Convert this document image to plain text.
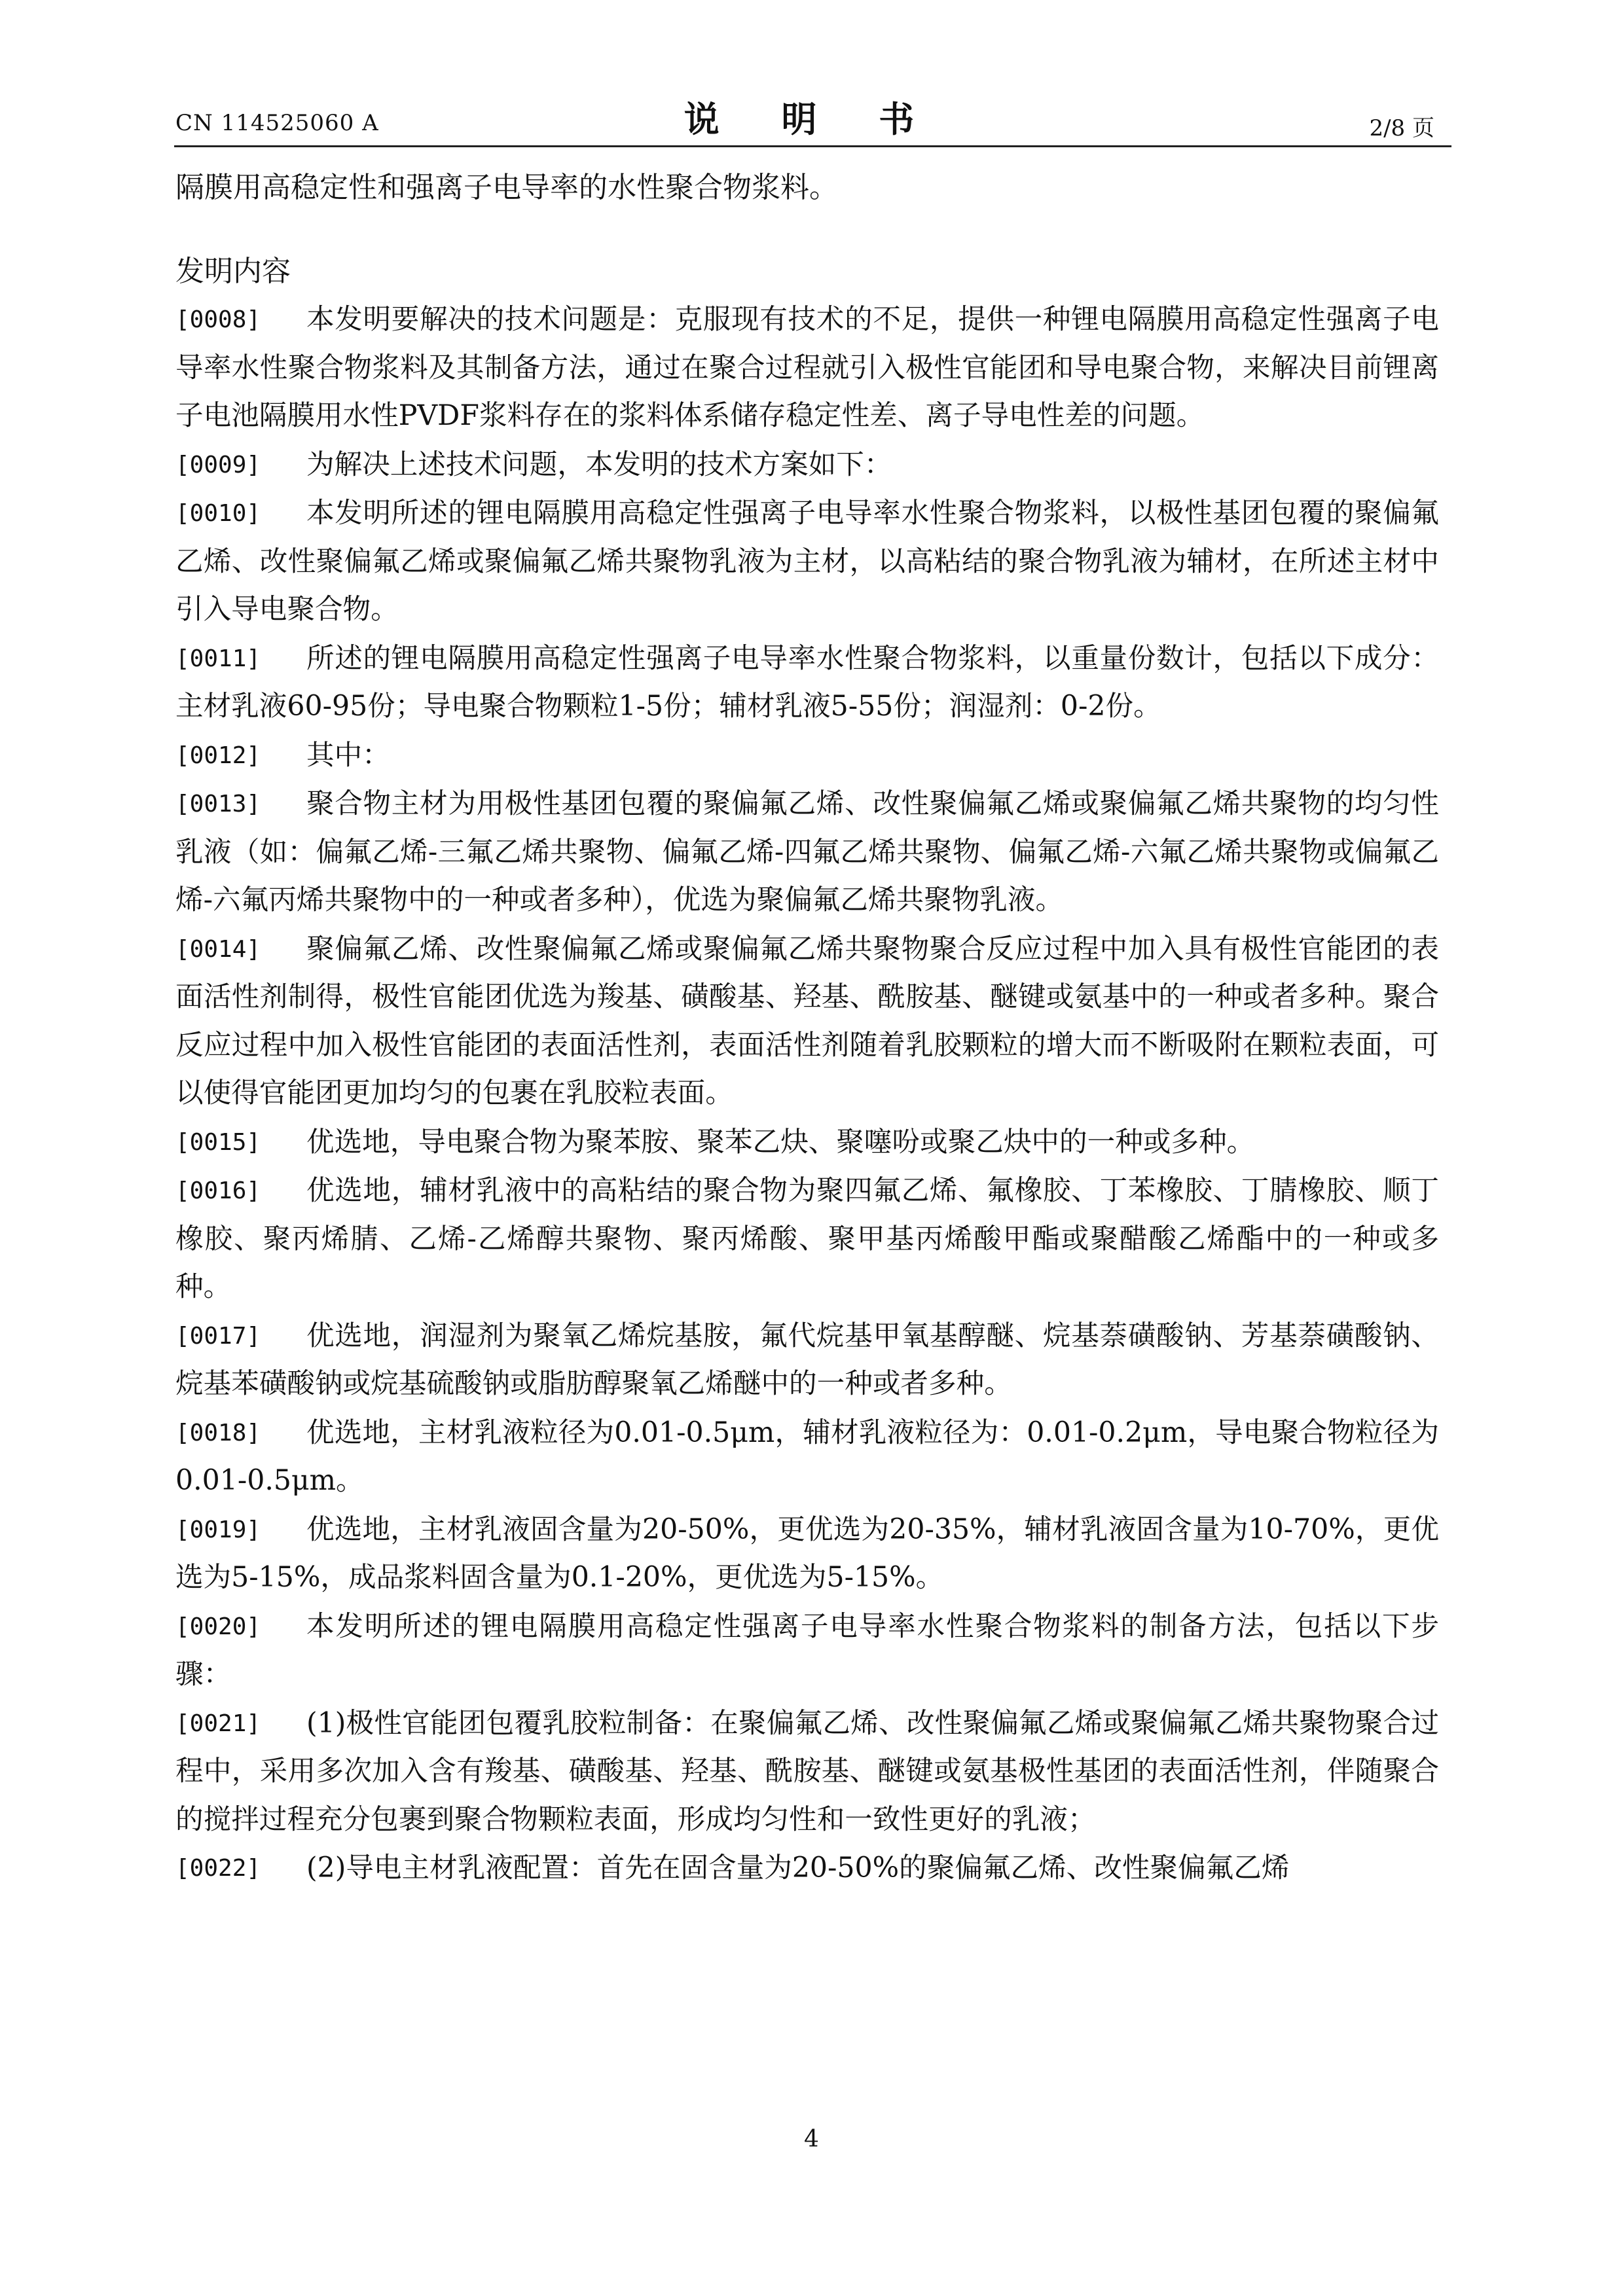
CN 114525060 A	说 明 书	2/8 页
隔膜用高稳定性和强离子电导率的水性聚合物浆料。
发明内容
[0008]	本发明要解决的技术问题是：克服现有技术的不足，提供一种锂电隔膜用高稳定性强离子电导率水性聚合物浆料及其制备方法，通过在聚合过程就引入极性官能团和导电聚合物，来解决目前锂离子电池隔膜用水性PVDF浆料存在的浆料体系储存稳定性差、离子导电性差的问题。
[0009]	为解决上述技术问题，本发明的技术方案如下：
[0010]	本发明所述的锂电隔膜用高稳定性强离子电导率水性聚合物浆料，以极性基团包覆的聚偏氟乙烯、改性聚偏氟乙烯或聚偏氟乙烯共聚物乳液为主材，以高粘结的聚合物乳液为辅材，在所述主材中引入导电聚合物。
[0011]	所述的锂电隔膜用高稳定性强离子电导率水性聚合物浆料，以重量份数计，包括以下成分：主材乳液60-95份；导电聚合物颗粒1-5份；辅材乳液5-55份；润湿剂：0-2份。
[0012]	其中：
[0013]	聚合物主材为用极性基团包覆的聚偏氟乙烯、改性聚偏氟乙烯或聚偏氟乙烯共聚物的均匀性乳液（如：偏氟乙烯-三氟乙烯共聚物、偏氟乙烯-四氟乙烯共聚物、偏氟乙烯-六氟乙烯共聚物或偏氟乙烯-六氟丙烯共聚物中的一种或者多种），优选为聚偏氟乙烯共聚物乳液。
[0014]	聚偏氟乙烯、改性聚偏氟乙烯或聚偏氟乙烯共聚物聚合反应过程中加入具有极性官能团的表面活性剂制得，极性官能团优选为羧基、磺酸基、羟基、酰胺基、醚键或氨基中的一种或者多种。聚合反应过程中加入极性官能团的表面活性剂，表面活性剂随着乳胶颗粒的增大而不断吸附在颗粒表面，可以使得官能团更加均匀的包裹在乳胶粒表面。
[0015]	优选地，导电聚合物为聚苯胺、聚苯乙炔、聚噻吩或聚乙炔中的一种或多种。
[0016]	优选地，辅材乳液中的高粘结的聚合物为聚四氟乙烯、氟橡胶、丁苯橡胶、丁腈橡胶、顺丁橡胶、聚丙烯腈、乙烯-乙烯醇共聚物、聚丙烯酸、聚甲基丙烯酸甲酯或聚醋酸乙烯酯中的一种或多种。
[0017]	优选地，润湿剂为聚氧乙烯烷基胺，氟代烷基甲氧基醇醚、烷基萘磺酸钠、芳基萘磺酸钠、烷基苯磺酸钠或烷基硫酸钠或脂肪醇聚氧乙烯醚中的一种或者多种。
[0018]	优选地，主材乳液粒径为0.01-0.5μm，辅材乳液粒径为：0.01-0.2μm，导电聚合物粒径为0.01-0.5μm。
[0019]	优选地，主材乳液固含量为20-50%，更优选为20-35%，辅材乳液固含量为10-70%，更优选为5-15%，成品浆料固含量为0.1-20%，更优选为5-15%。
[0020]	本发明所述的锂电隔膜用高稳定性强离子电导率水性聚合物浆料的制备方法，包括以下步骤：
[0021]	(1)极性官能团包覆乳胶粒制备：在聚偏氟乙烯、改性聚偏氟乙烯或聚偏氟乙烯共聚物聚合过程中，采用多次加入含有羧基、磺酸基、羟基、酰胺基、醚键或氨基极性基团的表面活性剂，伴随聚合的搅拌过程充分包裹到聚合物颗粒表面，形成均匀性和一致性更好的乳液；
[0022]	(2)导电主材乳液配置：首先在固含量为20-50%的聚偏氟乙烯、改性聚偏氟乙烯
4
